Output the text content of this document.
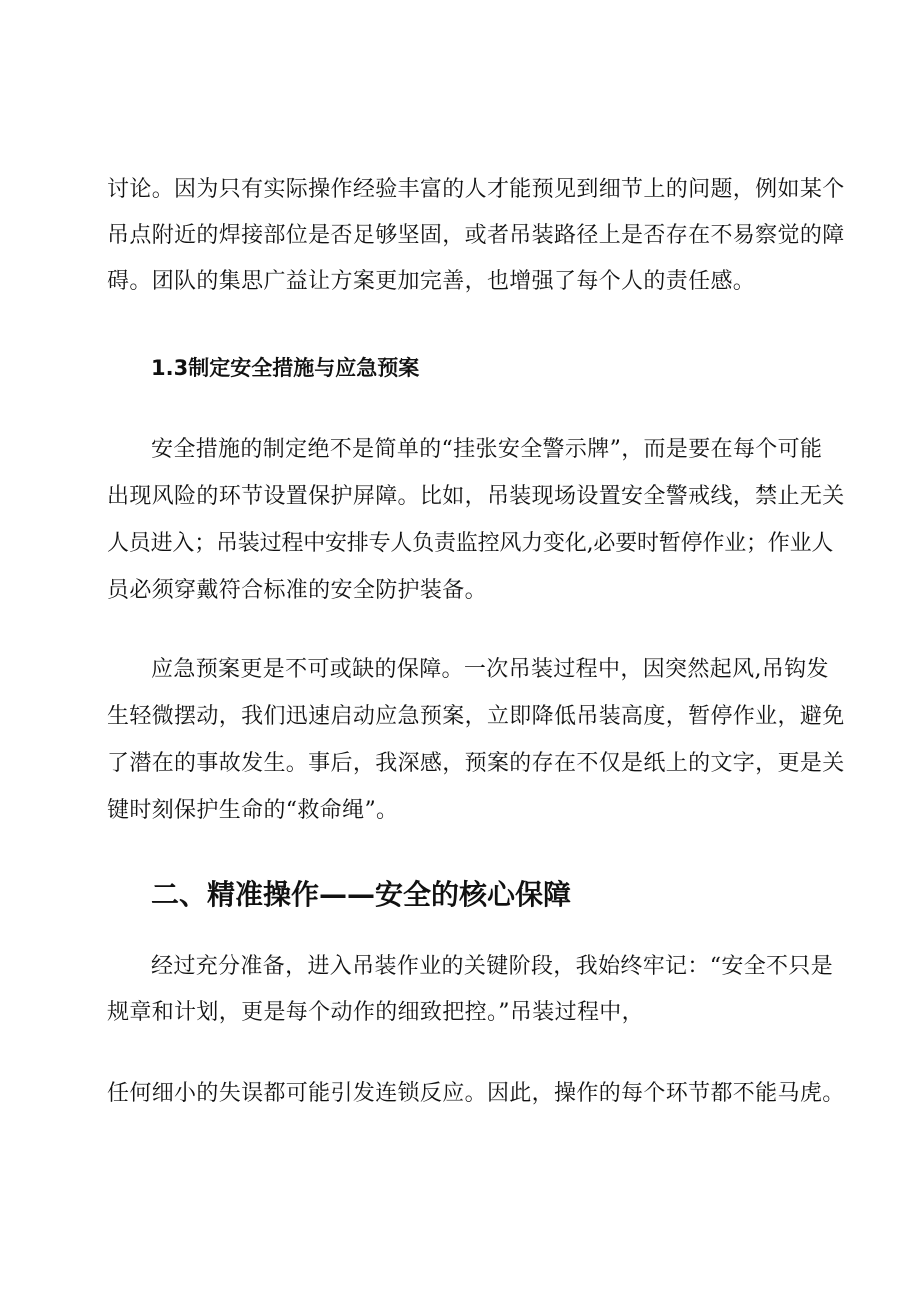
讨论。因为只有实际操作经验丰富的人才能预见到细节上的问题，例如某个
吊点附近的焊接部位是否足够坚固，或者吊装路径上是否存在不易察觉的障
碍。团队的集思广益让方案更加完善，也增强了每个人的责任感。
1.3制定安全措施与应急预案
安全措施的制定绝不是简单的“挂张安全警示牌”，而是要在每个可能
出现风险的环节设置保护屏障。比如，吊装现场设置安全警戒线，禁止无关
人员进入；吊装过程中安排专人负责监控风力变化,必要时暂停作业；作业人
员必须穿戴符合标准的安全防护装备。
应急预案更是不可或缺的保障。一次吊装过程中，因突然起风,吊钩发
生轻微摆动，我们迅速启动应急预案，立即降低吊装高度，暂停作业，避免
了潜在的事故发生。事后，我深感，预案的存在不仅是纸上的文字，更是关
键时刻保护生命的“救命绳”。
二、精准操作——安全的核心保障
经过充分准备，进入吊装作业的关键阶段，我始终牢记：“安全不只是
规章和计划，更是每个动作的细致把控。”吊装过程中，
任何细小的失误都可能引发连锁反应。因此，操作的每个环节都不能马虎。
